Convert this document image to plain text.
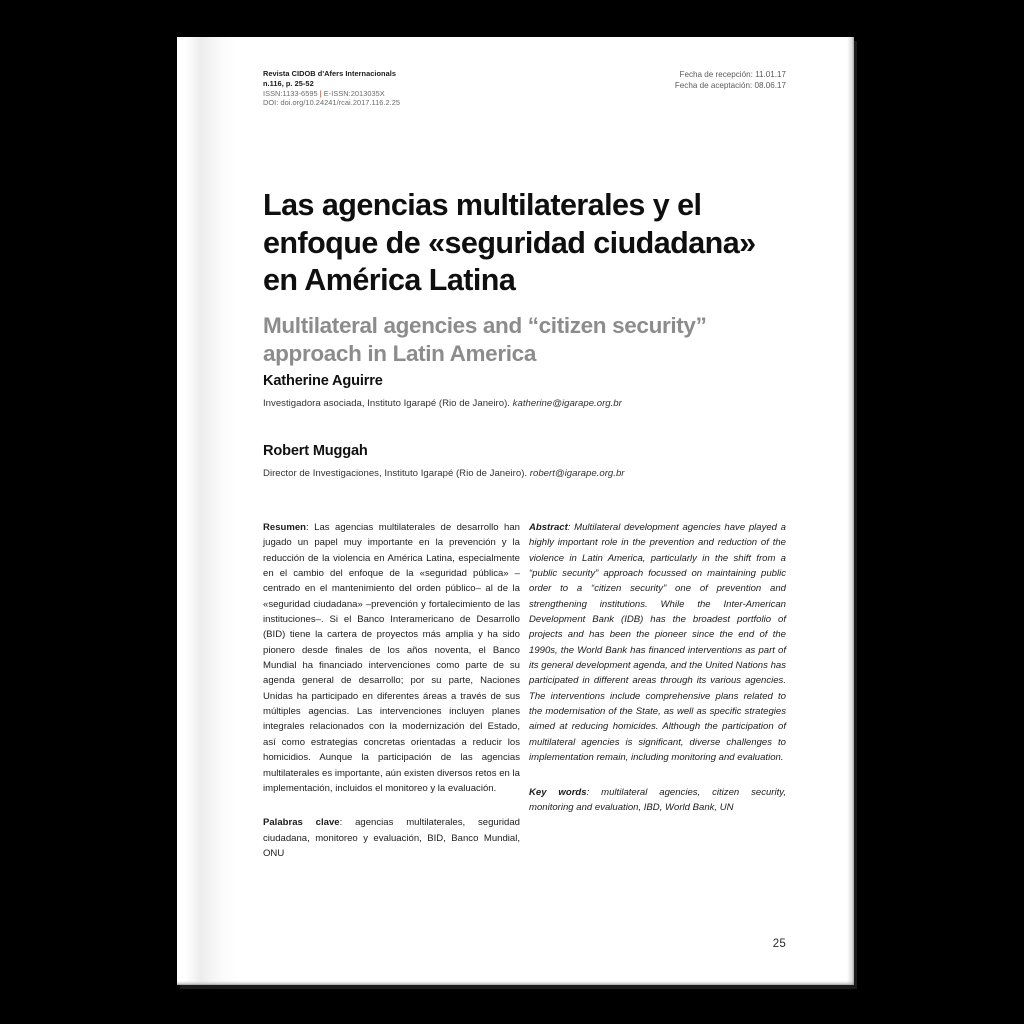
Revista CIDOB d'Afers Internacionals
n.116, p. 25-52
ISSN:1133-6595 | E-ISSN:2013035X
DOI: doi.org/10.24241/rcai.2017.116.2.25
Fecha de recepción: 11.01.17
Fecha de aceptación: 08.06.17
Las agencias multilaterales y el enfoque de «seguridad ciudadana» en América Latina
Multilateral agencies and “citizen security” approach in Latin America
Katherine Aguirre
Investigadora asociada, Instituto Igarapé (Rio de Janeiro). katherine@igarape.org.br
Robert Muggah
Director de Investigaciones, Instituto Igarapé (Rio de Janeiro). robert@igarape.org.br

Resumen: Las agencias multilaterales de desarrollo han jugado un papel muy importante en la prevención y la reducción de la violencia en América Latina, especialmente en el cambio del enfoque de la «seguridad pública» –centrado en el mantenimiento del orden público– al de la «seguridad ciudadana» –prevención y fortalecimiento de las instituciones–. Si el Banco Interamericano de Desarrollo (BID) tiene la cartera de proyectos más amplia y ha sido pionero desde finales de los años noventa, el Banco Mundial ha financiado intervenciones como parte de su agenda general de desarrollo; por su parte, Naciones Unidas ha participado en diferentes áreas a través de sus múltiples agencias. Las intervenciones incluyen planes integrales relacionados con la modernización del Estado, así como estrategias concretas orientadas a reducir los homicidios. Aunque la participación de las agencias multilaterales es importante, aún existen diversos retos en la implementación, incluidos el monitoreo y la evaluación.

Palabras clave: agencias multilaterales, seguridad ciudadana, monitoreo y evaluación, BID, Banco Mundial, ONU

Abstract: Multilateral development agencies have played a highly important role in the prevention and reduction of the violence in Latin America, particularly in the shift from a “public security” approach focussed on maintaining public order to a “citizen security” one of prevention and strengthening institutions. While the Inter-American Development Bank (IDB) has the broadest portfolio of projects and has been the pioneer since the end of the 1990s, the World Bank has financed interventions as part of its general development agenda, and the United Nations has participated in different areas through its various agencies. The interventions include comprehensive plans related to the modernisation of the State, as well as specific strategies aimed at reducing homicides. Although the participation of multilateral agencies is significant, diverse challenges to implementation remain, including monitoring and evaluation.

Key words: multilateral agencies, citizen security, monitoring and evaluation, IBD, World Bank, UN

25
